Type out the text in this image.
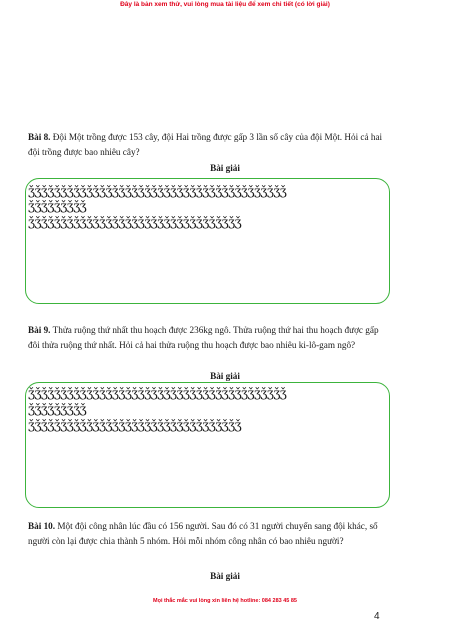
Đây là bản xem thử, vui lòng mua tài liệu để xem chi tiết (có lời giải)
Bài 8. Đội Một trồng được 153 cây, đội Hai trồng được gấp 3 lần số cây của đội Một. Hỏi cả hai đội trồng được bao nhiêu cây?
Bài giải
ǯǯǯǯǯǯǯǯǯǯǯǯǯǯǯǯǯǯǯǯǯǯǯǯǯǯǯǯǯǯǯǯǯǯǯǯǯǯǯǯ
ǯǯǯǯǯǯǯǯǯ
ǯǯǯǯǯǯǯǯǯǯǯǯǯǯǯǯǯǯǯǯǯǯǯǯǯǯǯǯǯǯǯǯǯ
Bài 9. Thửa ruộng thứ nhất thu hoạch được 236kg ngô. Thửa ruộng thứ hai thu hoạch được gấp đôi thửa ruộng thứ nhất. Hỏi cả hai thửa ruộng thu hoạch được bao nhiêu ki-lô-gam ngô?
Bài giải
ǯǯǯǯǯǯǯǯǯǯǯǯǯǯǯǯǯǯǯǯǯǯǯǯǯǯǯǯǯǯǯǯǯǯǯǯǯǯǯǯ
ǯǯǯǯǯǯǯǯǯ
ǯǯǯǯǯǯǯǯǯǯǯǯǯǯǯǯǯǯǯǯǯǯǯǯǯǯǯǯǯǯǯǯǯ
Bài 10. Một đội công nhân lúc đầu có 156 người. Sau đó có 31 người chuyển sang đội khác, số người còn lại được chia thành 5 nhóm. Hỏi mỗi nhóm công nhân có bao nhiêu người?
Bài giải
Mọi thắc mắc vui lòng xin liên hệ hotline: 084 283 45 85
4
